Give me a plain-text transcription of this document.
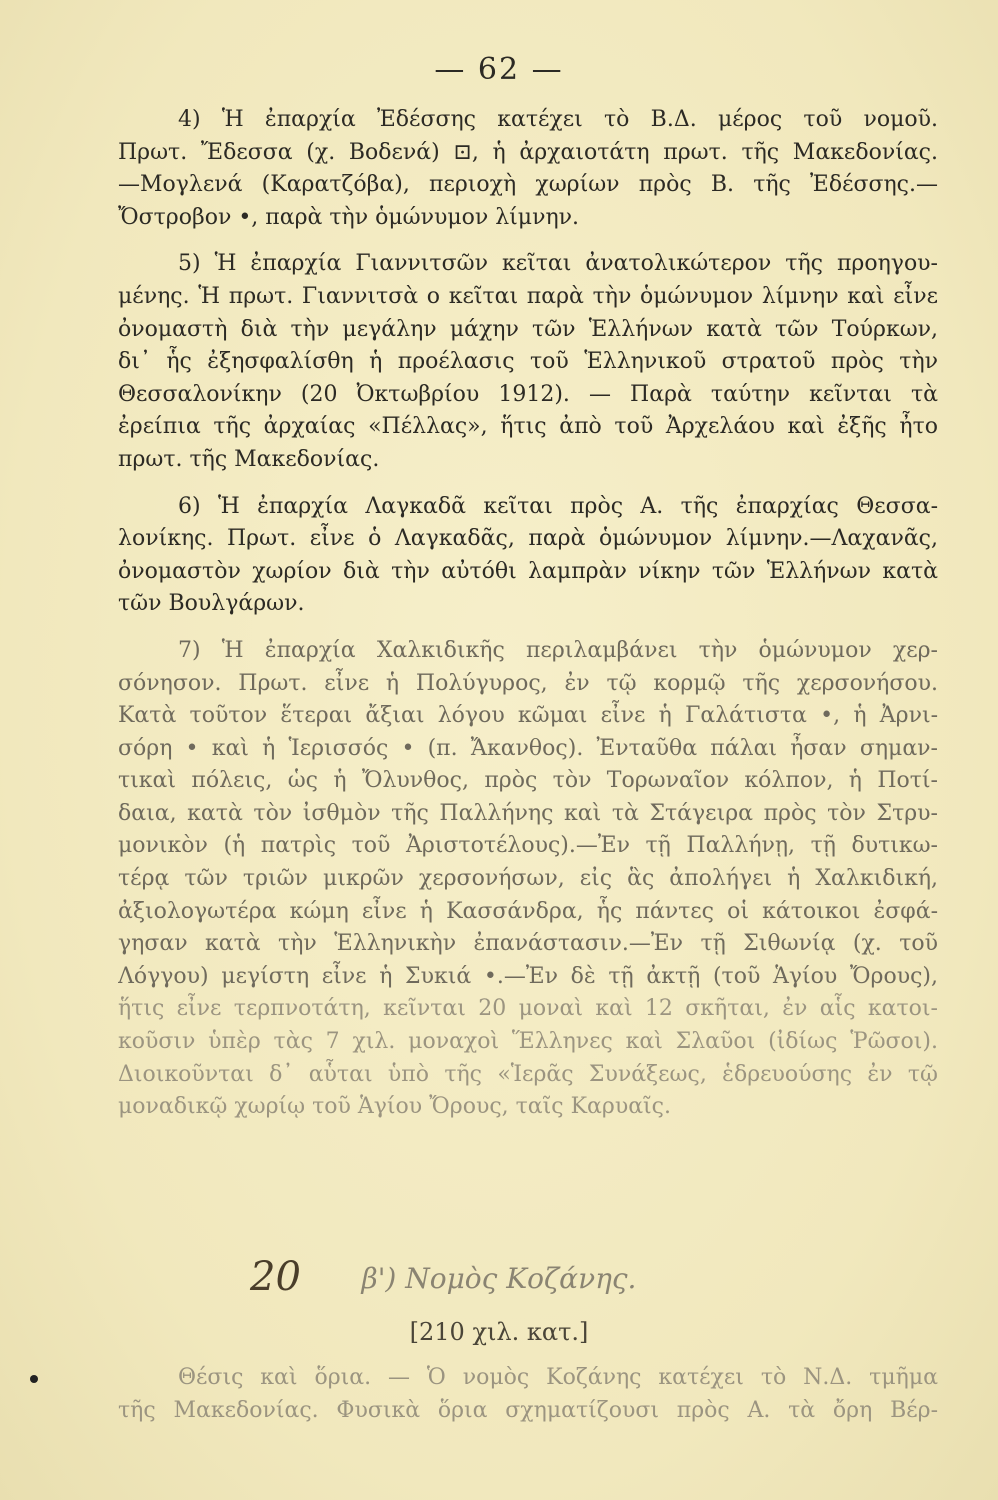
— 62 —
4) Ἡ ἐπαρχία Ἐδέσσης κατέχει τὸ Β.Δ. μέρος τοῦ νομοῦ.
Πρωτ. Ἔδεσσα (χ. Βοδενά) ⊡, ἡ ἀρχαιοτάτη πρωτ. τῆς Μακεδονίας.
—Μογλενά (Καρατζόβα), περιοχὴ χωρίων πρὸς Β. τῆς Ἐδέσσης.—
Ὄστροβον •, παρὰ τὴν ὁμώνυμον λίμνην.
5) Ἡ ἐπαρχία Γιαννιτσῶν κεῖται ἀνατολικώτερον τῆς προηγου-
μένης. Ἡ πρωτ. Γιαννιτσὰ ο κεῖται παρὰ τὴν ὁμώνυμον λίμνην καὶ εἶνε
ὀνομαστὴ διὰ τὴν μεγάλην μάχην τῶν Ἑλλήνων κατὰ τῶν Τούρκων,
δι᾽ ἧς ἐξησφαλίσθη ἡ προέλασις τοῦ Ἑλληνικοῦ στρατοῦ πρὸς τὴν
Θεσσαλονίκην (20 Ὀκτωβρίου 1912). — Παρὰ ταύτην κεῖνται τὰ
ἐρείπια τῆς ἀρχαίας «Πέλλας», ἥτις ἀπὸ τοῦ Ἀρχελάου καὶ ἐξῆς ἦτο
πρωτ. τῆς Μακεδονίας.
6) Ἡ ἐπαρχία Λαγκαδᾶ κεῖται πρὸς Α. τῆς ἐπαρχίας Θεσσα-
λονίκης. Πρωτ. εἶνε ὁ Λαγκαδᾶς, παρὰ ὁμώνυμον λίμνην.—Λαχανᾶς,
ὀνομαστὸν χωρίον διὰ τὴν αὐτόθι λαμπρὰν νίκην τῶν Ἑλλήνων κατὰ
τῶν Βουλγάρων.
7) Ἡ ἐπαρχία Χαλκιδικῆς περιλαμβάνει τὴν ὁμώνυμον χερ-
σόνησον. Πρωτ. εἶνε ἡ Πολύγυρος, ἐν τῷ κορμῷ τῆς χερσονήσου.
Κατὰ τοῦτον ἕτεραι ἄξιαι λόγου κῶμαι εἶνε ἡ Γαλάτιστα •, ἡ Ἀρνι-
σόρη • καὶ ἡ Ἱερισσός • (π. Ἄκανθος). Ἐνταῦθα πάλαι ἦσαν σημαν-
τικαὶ πόλεις, ὡς ἡ Ὄλυνθος, πρὸς τὸν Τορωναῖον κόλπον, ἡ Ποτί-
δαια, κατὰ τὸν ἰσθμὸν τῆς Παλλήνης καὶ τὰ Στάγειρα πρὸς τὸν Στρυ-
μονικὸν (ἡ πατρὶς τοῦ Ἀριστοτέλους).—Ἐν τῇ Παλλήνῃ, τῇ δυτικω-
τέρᾳ τῶν τριῶν μικρῶν χερσονήσων, εἰς ἃς ἀπολήγει ἡ Χαλκιδική,
ἀξιολογωτέρα κώμη εἶνε ἡ Κασσάνδρα, ἧς πάντες οἱ κάτοικοι ἐσφά-
γησαν κατὰ τὴν Ἑλληνικὴν ἐπανάστασιν.—Ἐν τῇ Σιθωνίᾳ (χ. τοῦ
Λόγγου) μεγίστη εἶνε ἡ Συκιά •.—Ἐν δὲ τῇ ἀκτῇ (τοῦ Ἁγίου Ὄρους),
ἥτις εἶνε τερπνοτάτη, κεῖνται 20 μοναὶ καὶ 12 σκῆται, ἐν αἷς κατοι-
κοῦσιν ὑπὲρ τὰς 7 χιλ. μοναχοὶ Ἕλληνες καὶ Σλαῦοι (ἰδίως Ῥῶσοι).
Διοικοῦνται δ᾽ αὗται ὑπὸ τῆς «Ἱερᾶς Συνάξεως, ἑδρευούσης ἐν τῷ
μοναδικῷ χωρίῳ τοῦ Ἁγίου Ὄρους, ταῖς Καρυαῖς.
20	β') Νομὸς Κοζάνης.
[210 χιλ. κατ.]
Θέσις καὶ ὅρια. — Ὁ νομὸς Κοζάνης κατέχει τὸ Ν.Δ. τμῆμα
τῆς Μακεδονίας. Φυσικὰ ὅρια σχηματίζουσι πρὸς Α. τὰ ὄρη Βέρ-
